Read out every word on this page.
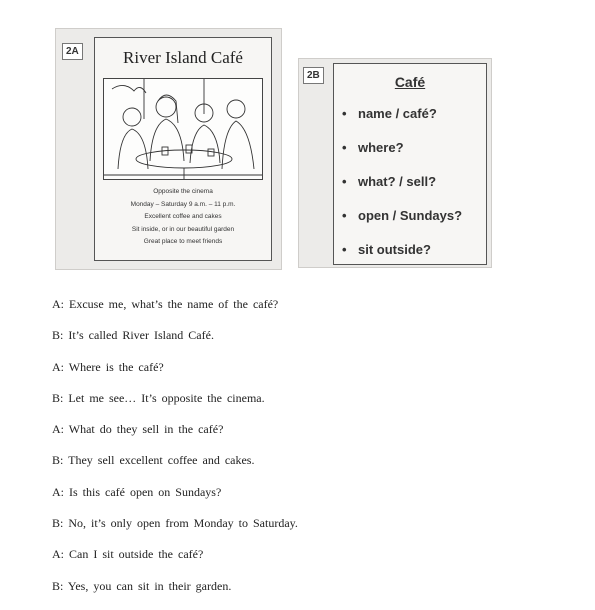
2A	River Island Café
Opposite the cinema
Monday – Saturday 9 a.m. – 11 p.m.
Excellent coffee and cakes
Sit inside, or in our beautiful garden
Great place to meet friends
2B	Café
• name / café?
• where?
• what? / sell?
• open / Sundays?
• sit outside?
A: Excuse me, what’s the name of the café?
B: It’s called River Island Café.
A: Where is the café?
B: Let me see… It’s opposite the cinema.
A: What do they sell in the café?
B: They sell excellent coffee and cakes.
A: Is this café open on Sundays?
B: No, it’s only open from Monday to Saturday.
A: Can I sit outside the café?
B: Yes, you can sit in their garden.
